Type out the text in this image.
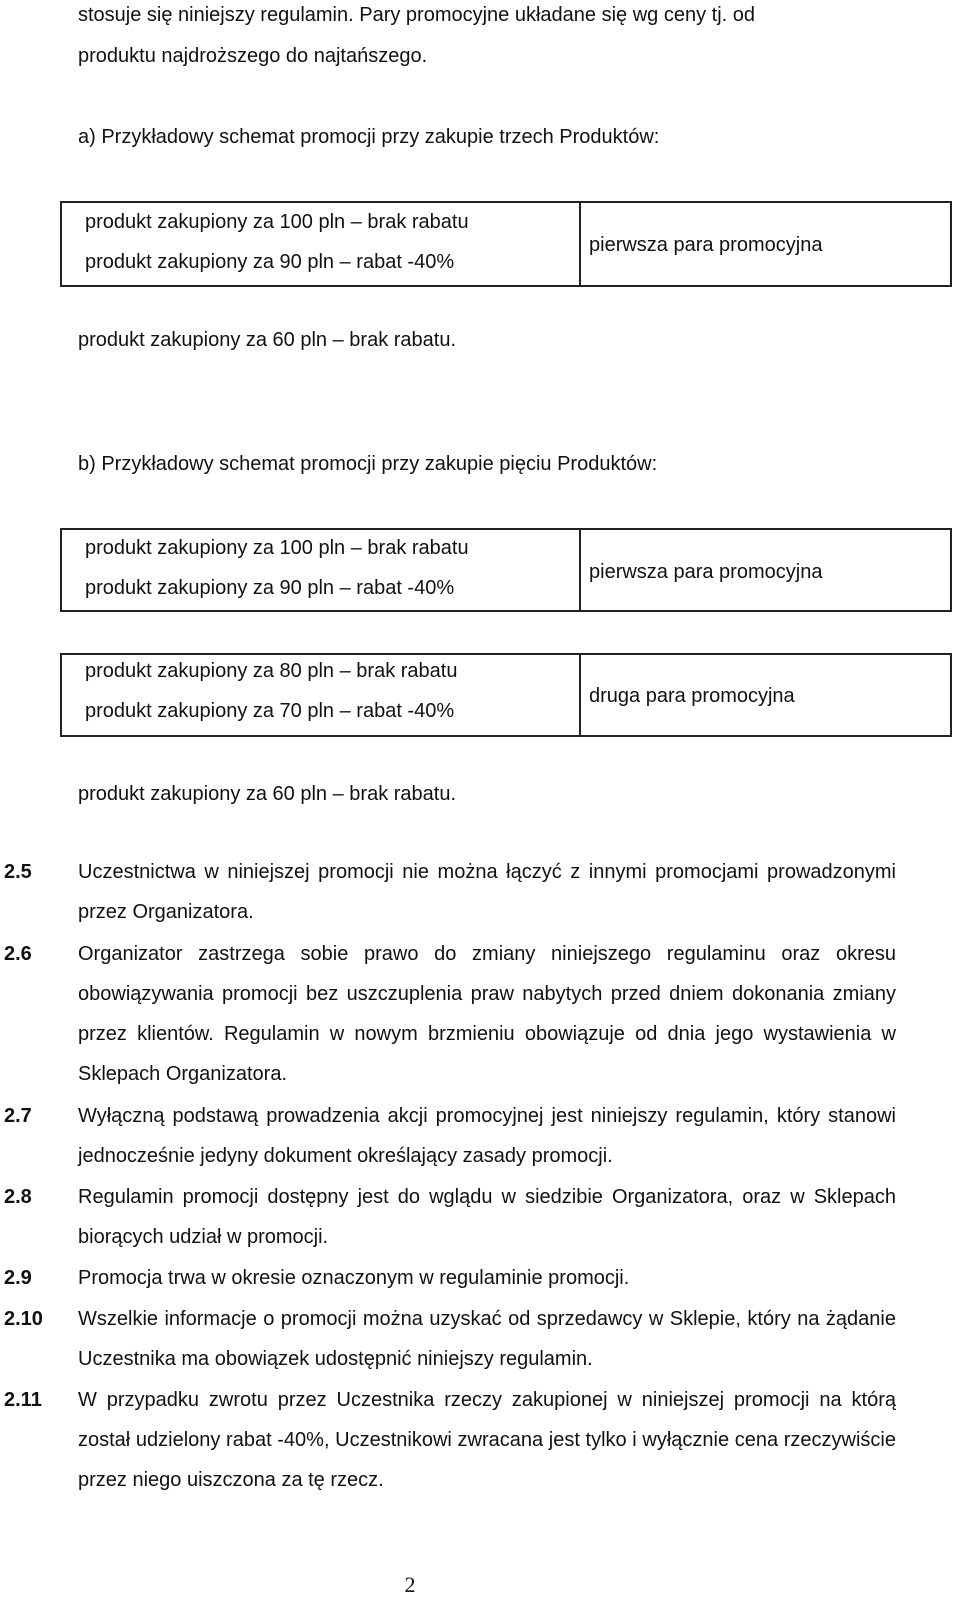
stosuje się niniejszy regulamin. Pary promocyjne układane się wg ceny tj. od
produktu najdroższego do najtańszego.
a) Przykładowy schemat promocji przy zakupie trzech Produktów:
produkt zakupiony za 100 pln – brak rabatu
produkt zakupiony za 90 pln – rabat -40%
pierwsza para promocyjna
produkt zakupiony za 60 pln – brak rabatu.
b) Przykładowy schemat promocji przy zakupie pięciu Produktów:
produkt zakupiony za 100 pln – brak rabatu
produkt zakupiony za 90 pln – rabat -40%
pierwsza para promocyjna
produkt zakupiony za 80 pln – brak rabatu
produkt zakupiony za 70 pln – rabat -40%
druga para promocyjna
produkt zakupiony za 60 pln – brak rabatu.
2.5 Uczestnictwa w niniejszej promocji nie można łączyć z innymi promocjami prowadzonymi przez Organizatora.
2.6 Organizator zastrzega sobie prawo do zmiany niniejszego regulaminu oraz okresu obowiązywania promocji bez uszczuplenia praw nabytych przed dniem dokonania zmiany przez klientów. Regulamin w nowym brzmieniu obowiązuje od dnia jego wystawienia w Sklepach Organizatora.
2.7 Wyłączną podstawą prowadzenia akcji promocyjnej jest niniejszy regulamin, który stanowi jednocześnie jedyny dokument określający zasady promocji.
2.8 Regulamin promocji dostępny jest do wglądu w siedzibie Organizatora, oraz w Sklepach biorących udział w promocji.
2.9 Promocja trwa w okresie oznaczonym w regulaminie promocji.
2.10 Wszelkie informacje o promocji można uzyskać od sprzedawcy w Sklepie, który na żądanie Uczestnika ma obowiązek udostępnić niniejszy regulamin.
2.11 W przypadku zwrotu przez Uczestnika rzeczy zakupionej w niniejszej promocji na którą został udzielony rabat -40%, Uczestnikowi zwracana jest tylko i wyłącznie cena rzeczywiście przez niego uiszczona za tę rzecz.
2
